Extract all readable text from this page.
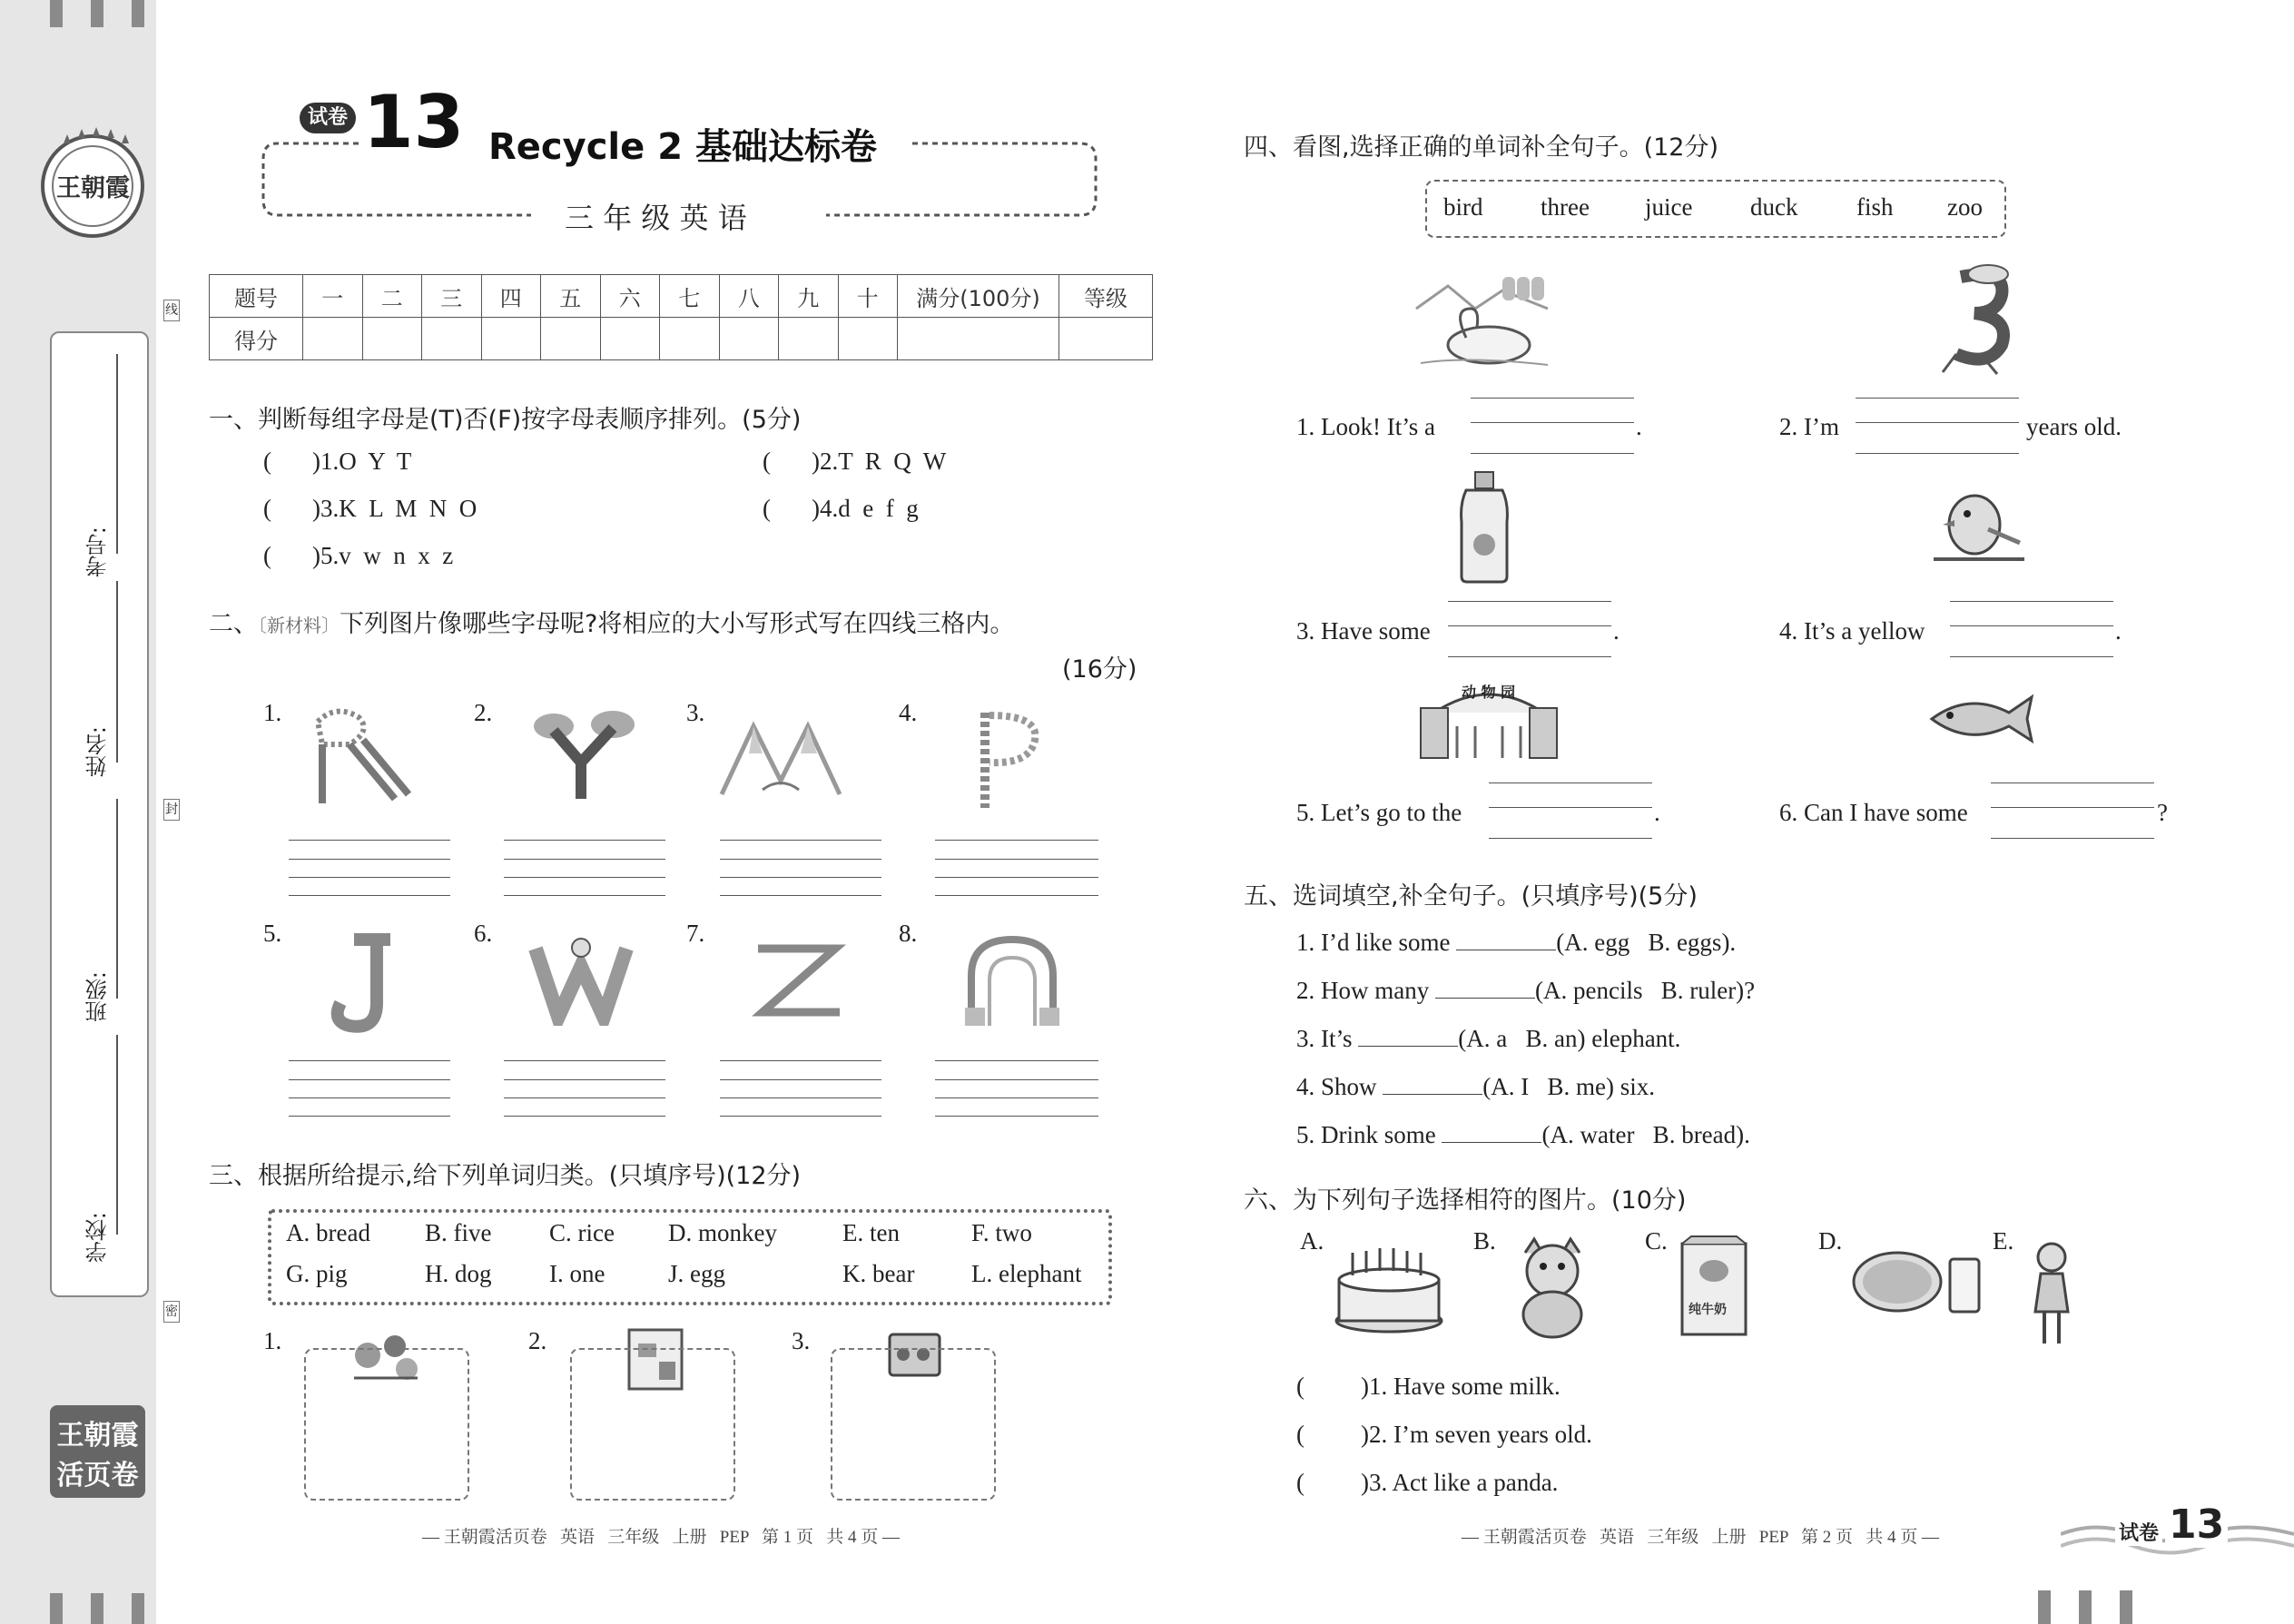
王朝霞
考号:
姓名:
班级:
学校:
线
封
密
王朝霞
活页卷
试卷 13 Recycle 2 基础达标卷
三 年 级 英 语
题号	一	二	三	四	五	六	七	八	九	十	满分(100分)	等级
得分												
一、判断每组字母是(T)否(F)按字母表顺序排列。(5分)
( )1.O  Y  T	( )2.T  R  Q  W
( )3.K  L  M  N  O	( )4.d  e  f  g
( )5.v  w  n  x  z
二、〔新材料〕下列图片像哪些字母呢?将相应的大小写形式写在四线三格内。
(16分)
1.	2.	3.	4.
5.	6.	7.	8.
三、根据所给提示,给下列单词归类。(只填序号)(12分)
A. bread B. five C. rice D. monkey	E. ten	F. two
G. pig	H. dog I. one	J. egg	K. bear L. elephant
1.	2.	3.
— 王朝霞活页卷   英语   三年级   上册   PEP   第 1 页   共 4 页 —
四、看图,选择正确的单词补全句子。(12分)
bird three juice duck fish zoo
动 物 园
1. Look! It’s a	.	2. I’m	years old.
3. Have some	.	4. It’s a yellow	.
5. Let’s go to the	.	6. Can I have some	?
五、选词填空,补全句子。(只填序号)(5分)
1. I’d like some	(A. egg   B. eggs).
2. How many	(A. pencils   B. ruler)?
3. It’s	(A. a   B. an) elephant.
4. Show	(A. I   B. me) six.
5. Drink some	(A. water   B. bread).
六、为下列句子选择相符的图片。(10分)
A.	B.	C.
纯牛奶
D.	E.
( )1. Have some milk.
( )2. I’m seven years old.
( )3. Act like a panda.
— 王朝霞活页卷   英语   三年级   上册   PEP   第 2 页   共 4 页 —	试卷 13
